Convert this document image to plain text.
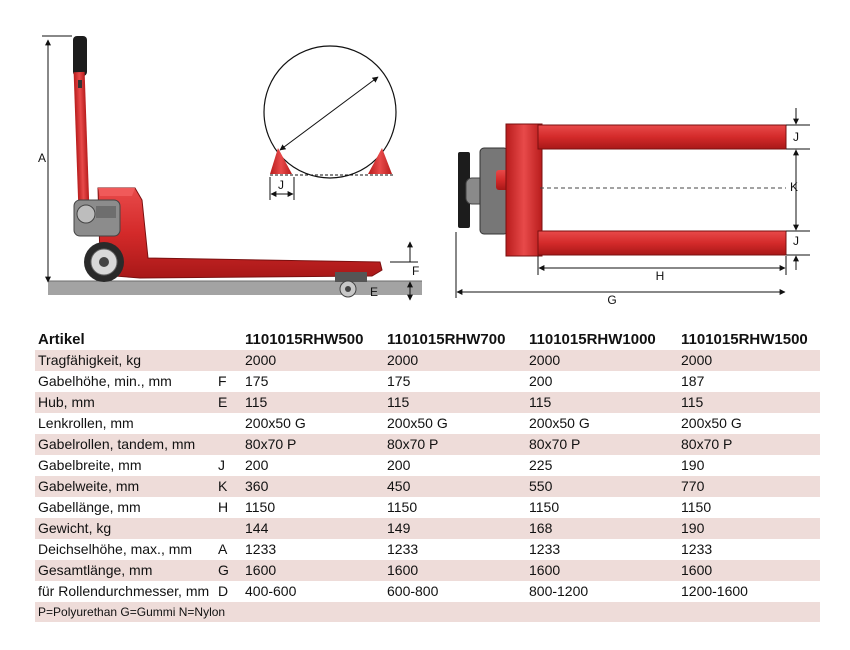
A
F
E
J
J
K
J
H
G
Artikel		1101015RHW500	1101015RHW700	1101015RHW1000	1101015RHW1500
Tragfähigkeit, kg		2000	2000	2000	2000
Gabelhöhe, min., mm	F	175	175	200	187
Hub, mm	E	115	115	115	115
Lenkrollen, mm		200x50 G	200x50 G	200x50 G	200x50 G
Gabelrollen, tandem, mm		80x70 P	80x70 P	80x70 P	80x70 P
Gabelbreite, mm	J	200	200	225	190
Gabelweite, mm	K	360	450	550	770
Gabellänge, mm	H	1150	1150	1150	1150
Gewicht, kg		144	149	168	190
Deichselhöhe, max., mm	A	1233	1233	1233	1233
Gesamtlänge, mm	G	1600	1600	1600	1600
für Rollendurchmesser, mm	D	400-600	600-800	800-1200	1200-1600
P=Polyurethan G=Gummi N=Nylon					
